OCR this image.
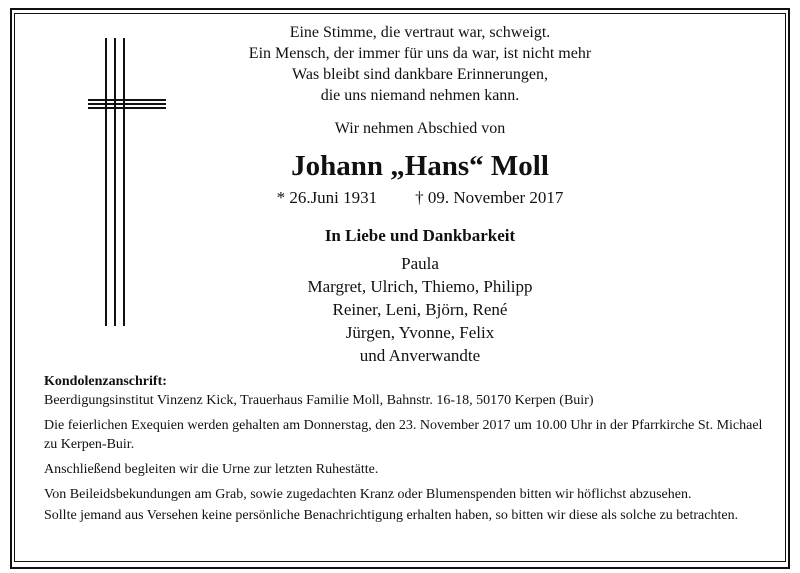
Eine Stimme, die vertraut war, schweigt.
Ein Mensch, der immer für uns da war, ist nicht mehr
Was bleibt sind dankbare Erinnerungen,
die uns niemand nehmen kann.
Wir nehmen Abschied von
Johann „Hans“ Moll
* 26.Juni 1931 † 09. November 2017
In Liebe und Dankbarkeit
Paula
Margret, Ulrich, Thiemo, Philipp
Reiner, Leni, Björn, René
Jürgen, Yvonne, Felix
und Anverwandte

Kondolenzanschrift:
Beerdigungsinstitut Vinzenz Kick, Trauerhaus Familie Moll, Bahnstr. 16-18, 50170 Kerpen (Buir)

Die feierlichen Exequien werden gehalten am Donnerstag, den 23. November 2017 um 10.00 Uhr in der Pfarrkirche St. Michael zu Kerpen-Buir.

Anschließend begleiten wir die Urne zur letzten Ruhestätte.

Von Beileidsbekundungen am Grab, sowie zugedachten Kranz oder Blumenspenden bitten wir höflichst abzusehen.

Sollte jemand aus Versehen keine persönliche Benachrichtigung erhalten haben, so bitten wir diese als solche zu betrachten.
